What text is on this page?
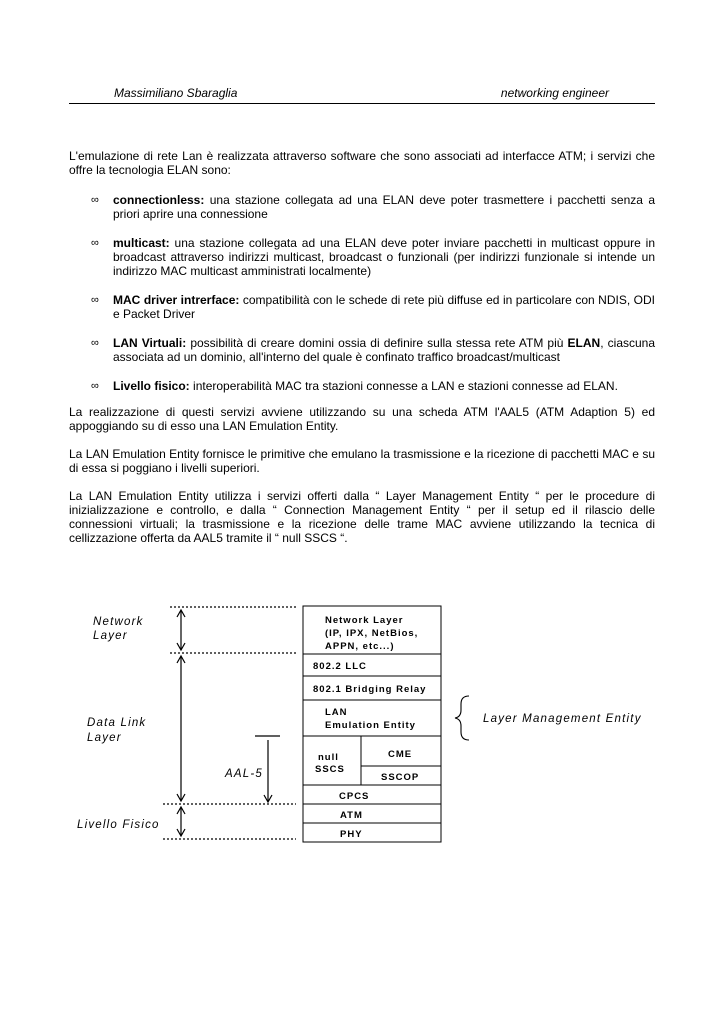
Massimiliano Sbaraglia	networking engineer
L'emulazione di rete Lan è realizzata attraverso software che sono associati ad interfacce ATM; i servizi che offre la tecnologia ELAN sono:
∞ connectionless: una stazione collegata ad una ELAN deve poter trasmettere i pacchetti senza a priori aprire una connessione
∞ multicast: una stazione collegata ad una ELAN deve poter inviare pacchetti in multicast oppure in broadcast attraverso indirizzi multicast, broadcast o funzionali (per indirizzi funzionale si intende un indirizzo MAC multicast amministrati localmente)
∞ MAC driver intrerface: compatibilità con le schede di rete più diffuse ed in particolare con NDIS, ODI e Packet Driver
∞ LAN Virtuali: possibilità di creare domini ossia di definire sulla stessa rete ATM più ELAN, ciascuna associata ad un dominio, all'interno del quale è confinato traffico broadcast/multicast
∞ Livello fisico: interoperabilità MAC tra stazioni connesse a LAN e stazioni connesse ad ELAN.
La realizzazione di questi servizi avviene utilizzando su una scheda ATM l'AAL5 (ATM Adaption 5) ed appoggiando su di esso una LAN Emulation Entity.
La LAN Emulation Entity fornisce le primitive che emulano la trasmissione e la ricezione di pacchetti MAC e su di essa si poggiano i livelli superiori.
La LAN Emulation Entity utilizza i servizi offerti dalla “ Layer Management Entity “ per le procedure di inizializzazione e controllo, e dalla “ Connection Management Entity “ per il setup ed il rilascio delle connessioni virtuali; la trasmissione e la ricezione delle trame MAC avviene utilizzando la tecnica di cellizzazione offerta da AAL5 tramite il “ null SSCS “.
Network Layer
(IP, IPX, NetBios,
APPN, etc...)
802.2 LLC
802.1 Bridging Relay
LAN
Emulation Entity
null
SSCS
CME
SSCOP
CPCS
ATM
PHY
Network
Layer
Data Link
Layer
AAL-5
Livello Fisico
Layer Management Entity
